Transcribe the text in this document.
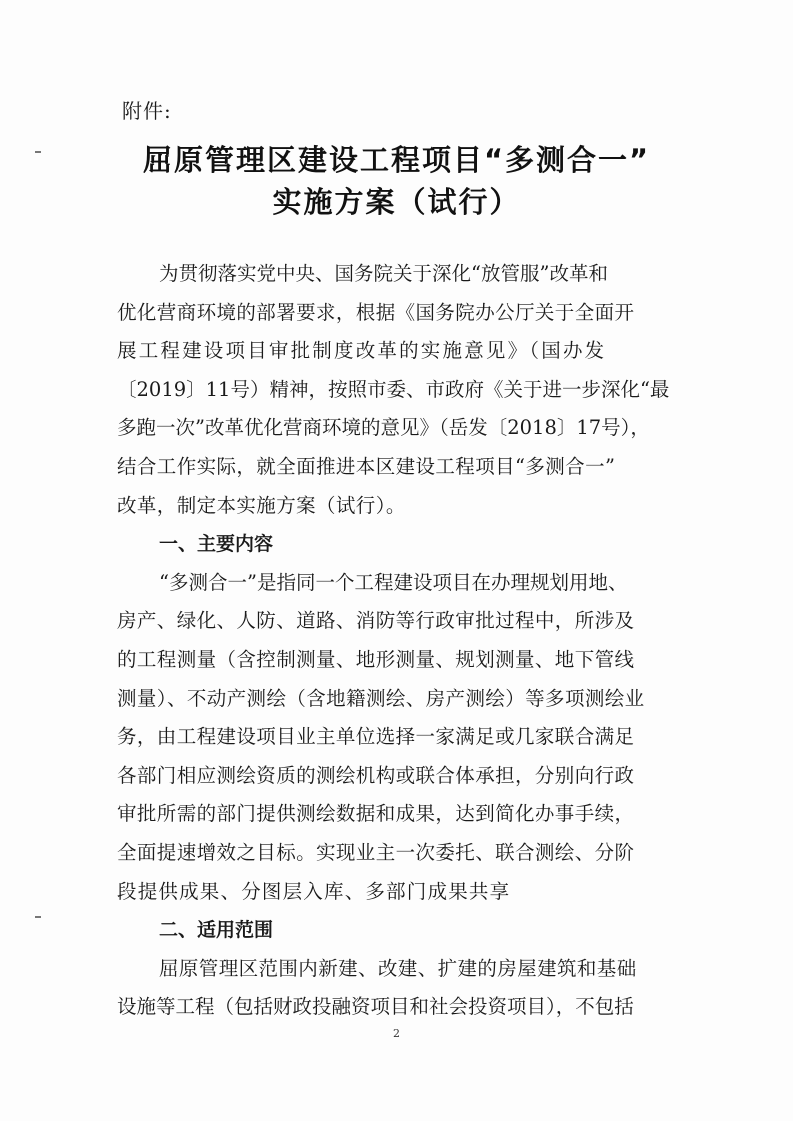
附件:
屈原管理区建设工程项目“多测合一”
实施方案（试行）
为贯彻落实党中央、国务院关于深化“放管服”改革和
优化营商环境的部署要求，根据《国务院办公厅关于全面开
展工程建设项目审批制度改革的实施意见》（国办发
〔2019〕11号）精神，按照市委、市政府《关于进一步深化“最
多跑一次”改革优化营商环境的意见》（岳发〔2018〕17号），
结合工作实际，就全面推进本区建设工程项目“多测合一”
改革，制定本实施方案（试行）。
一、主要内容
“多测合一”是指同一个工程建设项目在办理规划用地、
房产、绿化、人防、道路、消防等行政审批过程中，所涉及
的工程测量（含控制测量、地形测量、规划测量、地下管线
测量）、不动产测绘（含地籍测绘、房产测绘）等多项测绘业
务，由工程建设项目业主单位选择一家满足或几家联合满足
各部门相应测绘资质的测绘机构或联合体承担，分别向行政
审批所需的部门提供测绘数据和成果，达到简化办事手续，
全面提速增效之目标。实现业主一次委托、联合测绘、分阶
段提供成果、分图层入库、多部门成果共享
二、适用范围
屈原管理区范围内新建、改建、扩建的房屋建筑和基础
设施等工程（包括财政投融资项目和社会投资项目），不包括
2
